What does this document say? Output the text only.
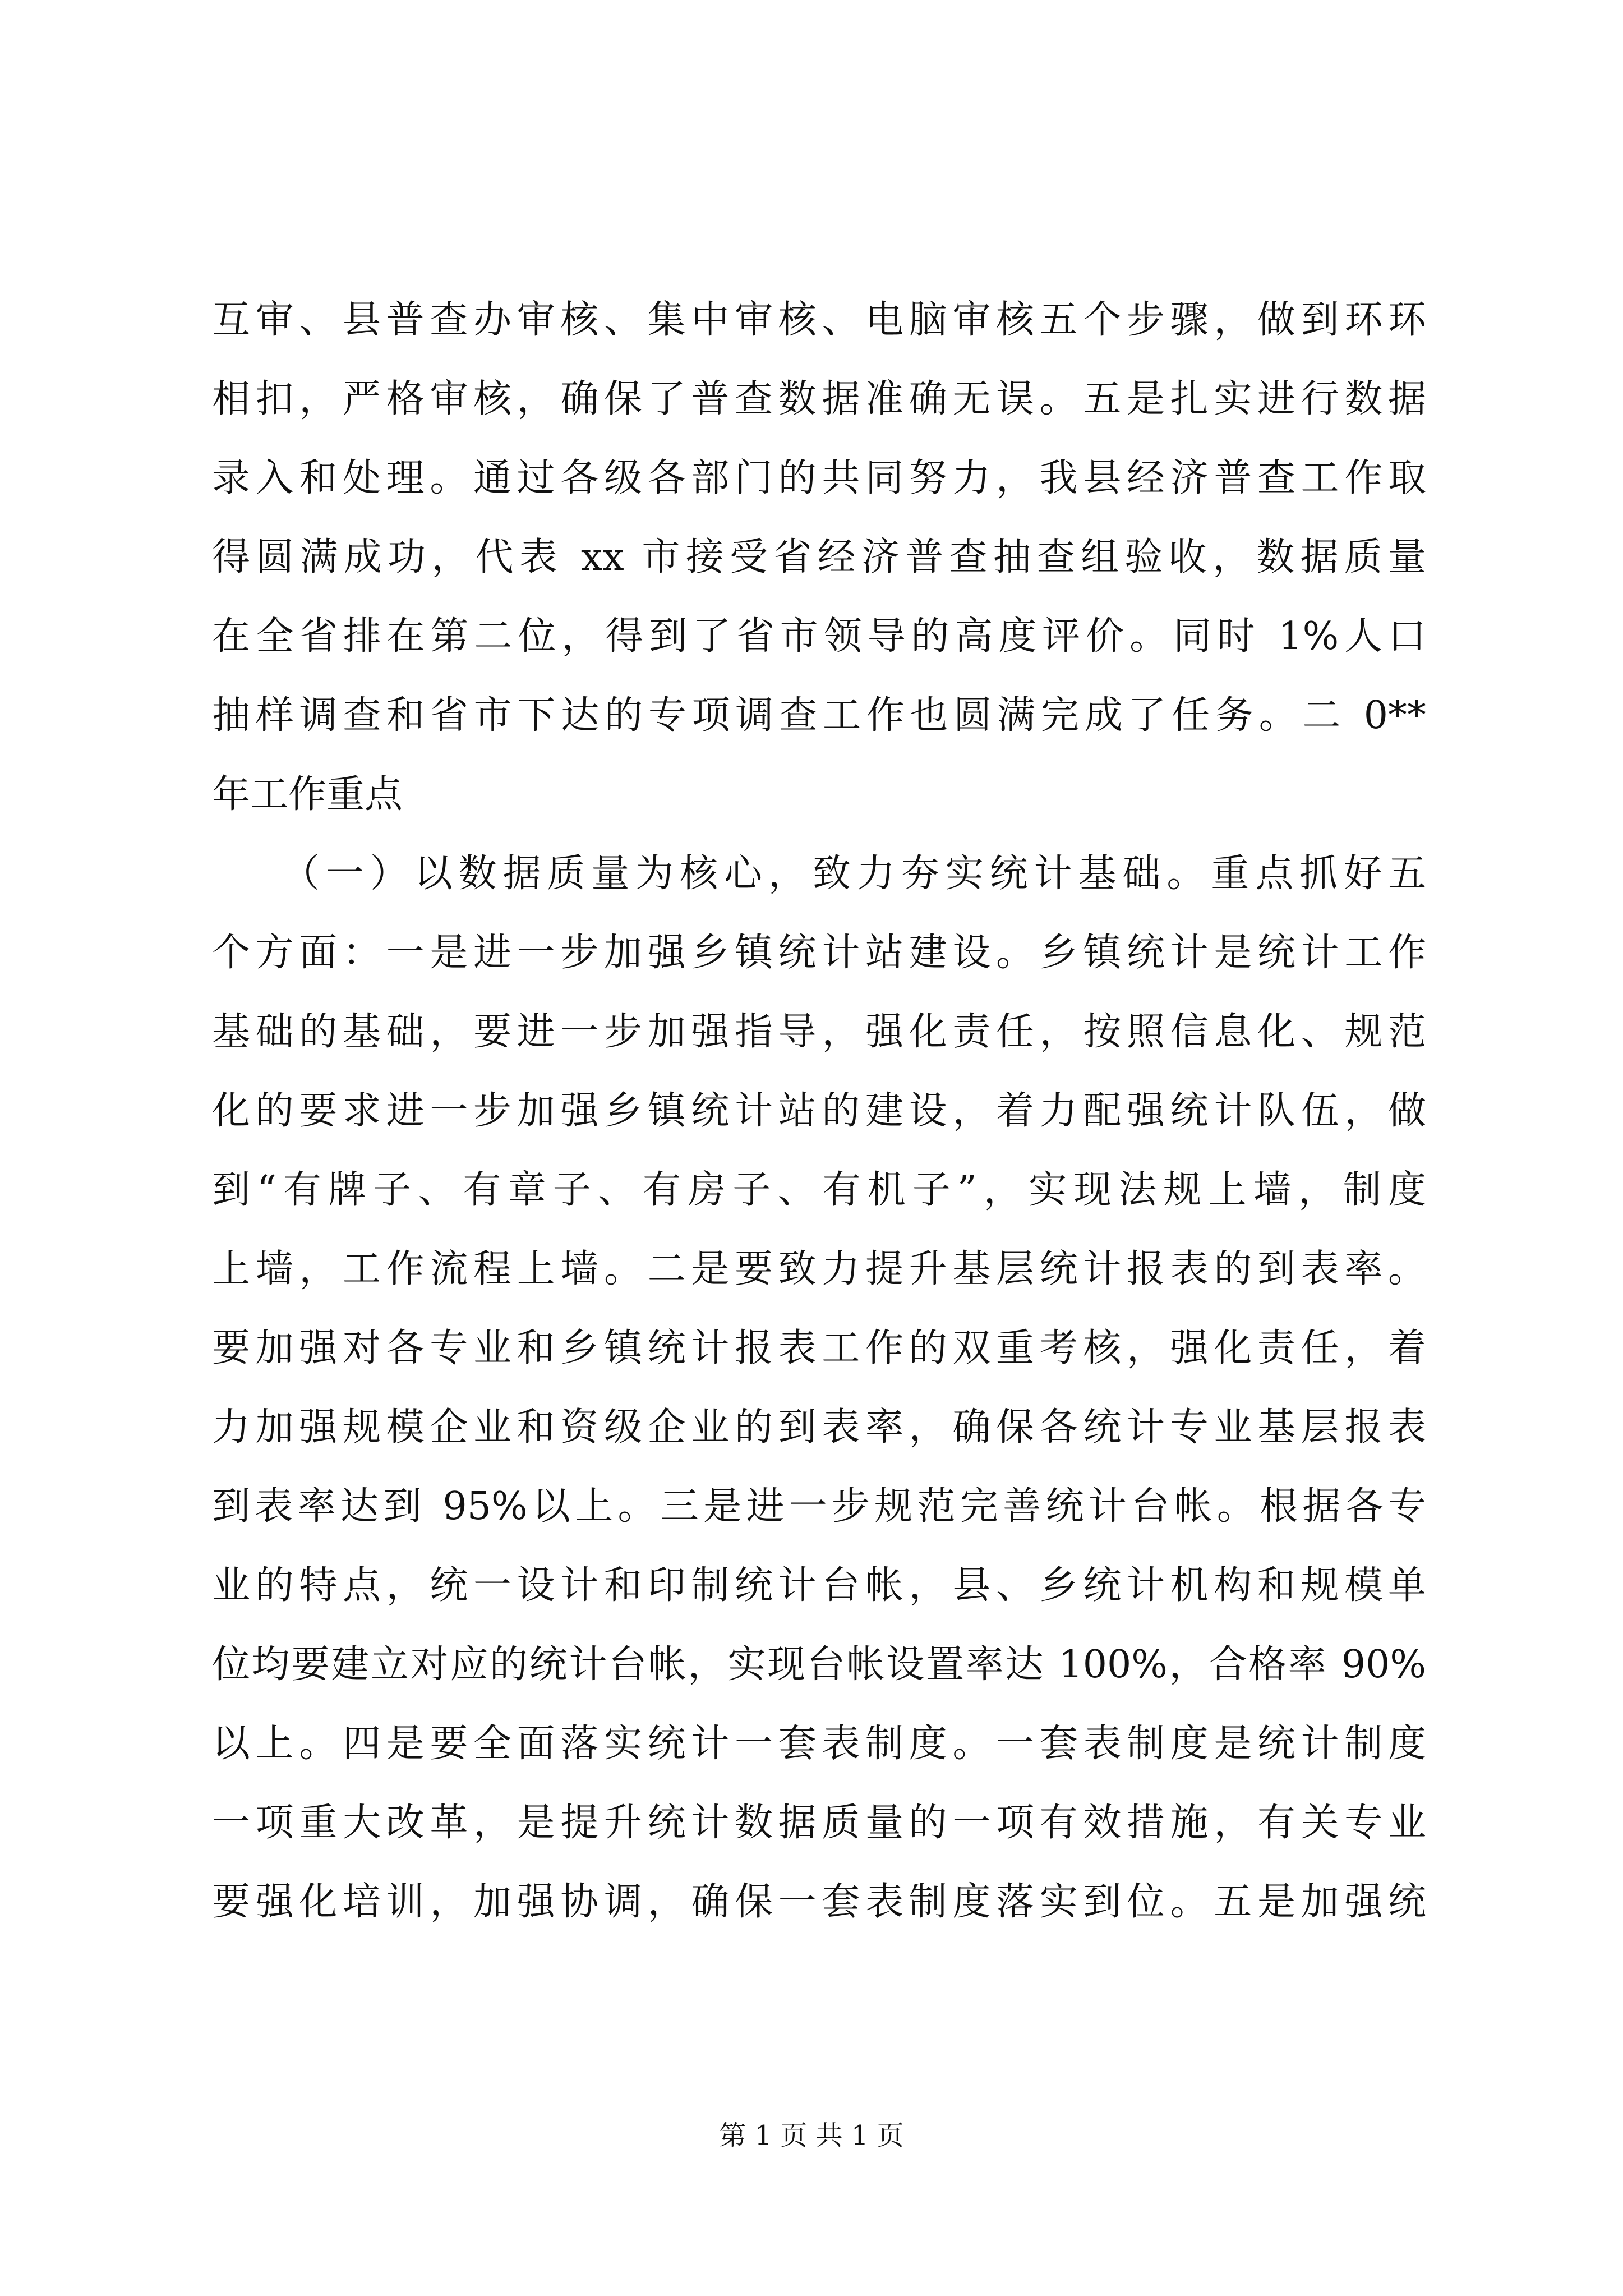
互审、县普查办审核、集中审核、电脑审核五个步骤，做到环环
相扣，严格审核，确保了普查数据准确无误。五是扎实进行数据
录入和处理。通过各级各部门的共同努力，我县经济普查工作取
得圆满成功，代表 xx 市接受省经济普查抽查组验收，数据质量
在全省排在第二位，得到了省市领导的高度评价。同时 1%人口
抽样调查和省市下达的专项调查工作也圆满完成了任务。二 0**
年工作重点
　　（一）以数据质量为核心，致力夯实统计基础。重点抓好五
个方面：一是进一步加强乡镇统计站建设。乡镇统计是统计工作
基础的基础，要进一步加强指导，强化责任，按照信息化、规范
化的要求进一步加强乡镇统计站的建设，着力配强统计队伍，做
到“有牌子、有章子、有房子、有机子”，实现法规上墙，制度
上墙，工作流程上墙。二是要致力提升基层统计报表的到表率。
要加强对各专业和乡镇统计报表工作的双重考核，强化责任，着
力加强规模企业和资级企业的到表率，确保各统计专业基层报表
到表率达到 95%以上。三是进一步规范完善统计台帐。根据各专
业的特点，统一设计和印制统计台帐，县、乡统计机构和规模单
位均要建立对应的统计台帐，实现台帐设置率达 100%，合格率 90%
以上。四是要全面落实统计一套表制度。一套表制度是统计制度
一项重大改革，是提升统计数据质量的一项有效措施，有关专业
要强化培训，加强协调，确保一套表制度落实到位。五是加强统
第 1 页 共 1 页
